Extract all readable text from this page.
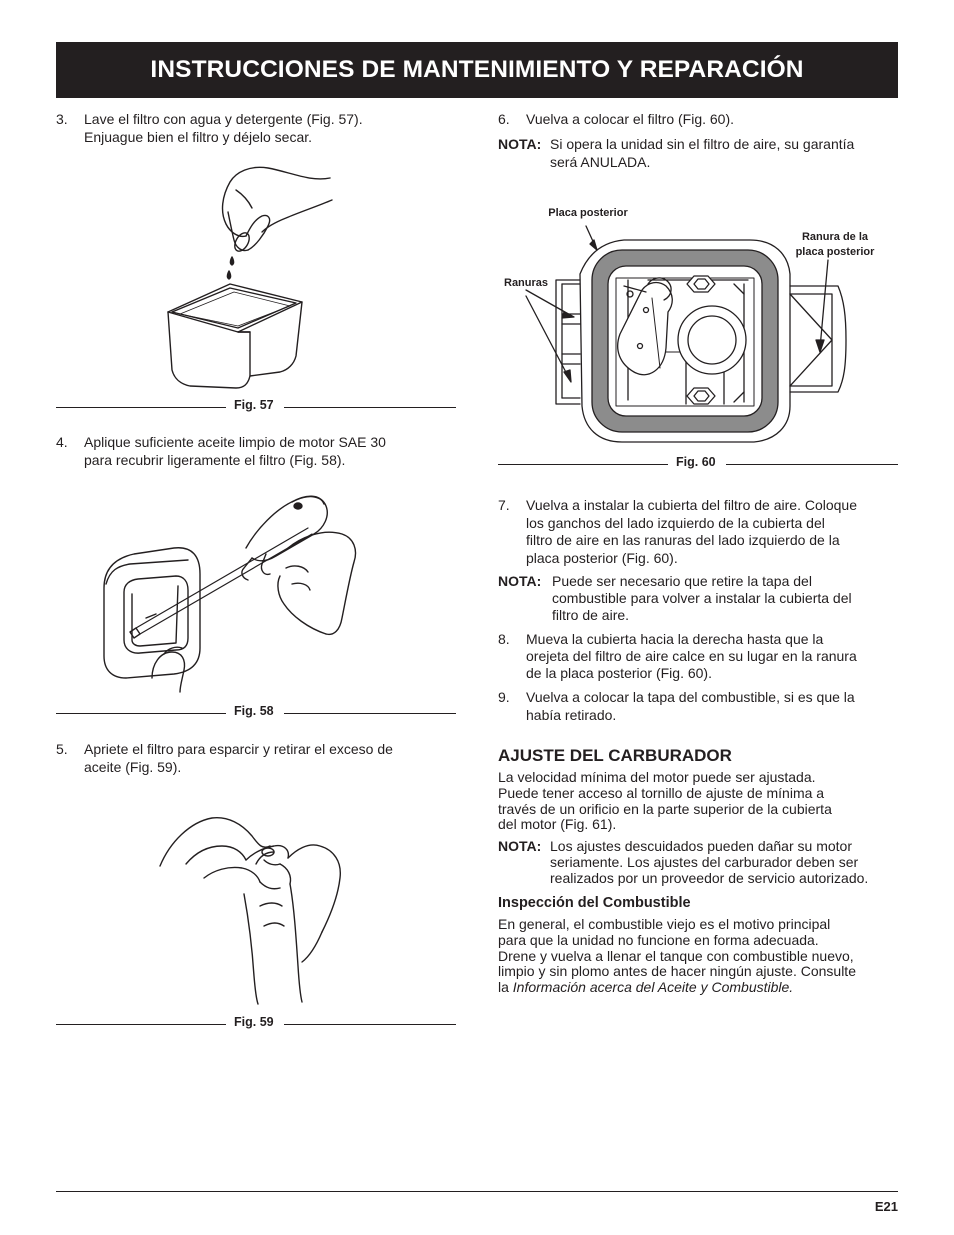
INSTRUCCIONES DE MANTENIMIENTO Y REPARACIÓN
3. Lave el filtro con agua y detergente (Fig. 57).
Enjuague bien el filtro y déjelo secar.
Fig. 57
4. Aplique suficiente aceite limpio de motor SAE 30
para recubrir ligeramente el filtro (Fig. 58).
Fig. 58
5. Apriete el filtro para esparcir y retirar el exceso de
aceite (Fig. 59).
Fig. 59
6. Vuelva a colocar el filtro (Fig. 60).
NOTA: Si opera la unidad sin el filtro de aire, su garantía
será ANULADA.
Placa posterior
Ranura de la
placa posterior
Ranuras
Fig. 60
7. Vuelva a instalar la cubierta del filtro de aire. Coloque
los ganchos del lado izquierdo de la cubierta del
filtro de aire en las ranuras del lado izquierdo de la
placa posterior (Fig. 60).
NOTA: Puede ser necesario que retire la tapa del
combustible para volver a instalar la cubierta del
filtro de aire.
8. Mueva la cubierta hacia la derecha hasta que la
orejeta del filtro de aire calce en su lugar en la ranura
de la placa posterior (Fig. 60).
9. Vuelva a colocar la tapa del combustible, si es que la
había retirado.
AJUSTE DEL CARBURADOR
La velocidad mínima del motor puede ser ajustada.
Puede tener acceso al tornillo de ajuste de mínima a
través de un orificio en la parte superior de la cubierta
del motor (Fig. 61).
NOTA: Los ajustes descuidados pueden dañar su motor
seriamente. Los ajustes del carburador deben ser
realizados por un proveedor de servicio autorizado.
Inspección del Combustible
En general, el combustible viejo es el motivo principal
para que la unidad no funcione en forma adecuada.
Drene y vuelva a llenar el tanque con combustible nuevo,
limpio y sin plomo antes de hacer ningún ajuste. Consulte
la Información acerca del Aceite y Combustible.
E21
